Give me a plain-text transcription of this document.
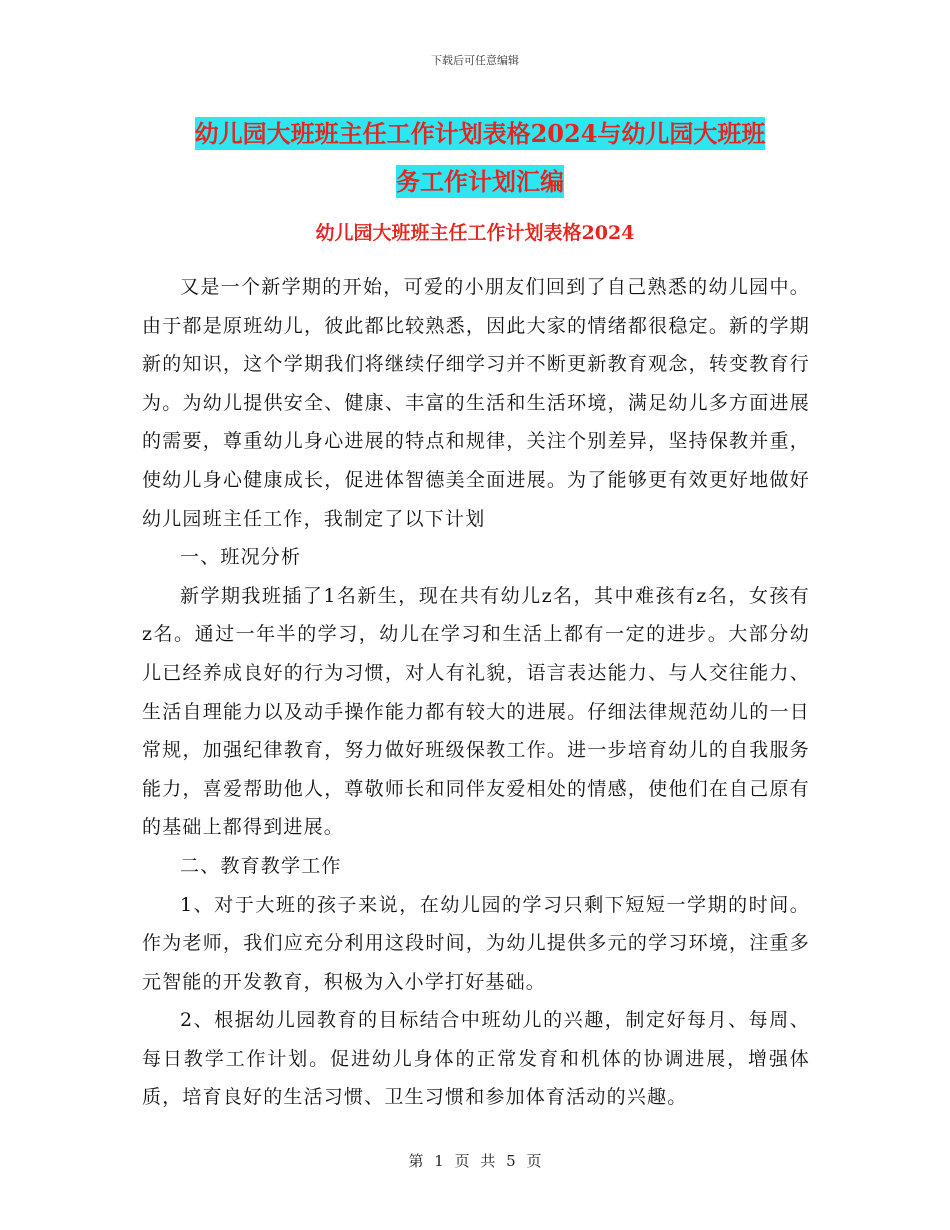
下载后可任意编辑
幼儿园大班班主任工作计划表格2024与幼儿园大班班
务工作计划汇编
幼儿园大班班主任工作计划表格2024

又是一个新学期的开始，可爱的小朋友们回到了自己熟悉的幼儿园中。由于都是原班幼儿，彼此都比较熟悉，因此大家的情绪都很稳定。新的学期新的知识，这个学期我们将继续仔细学习并不断更新教育观念，转变教育行为。为幼儿提供安全、健康、丰富的生活和生活环境，满足幼儿多方面进展的需要，尊重幼儿身心进展的特点和规律，关注个别差异，坚持保教并重，使幼儿身心健康成长，促进体智德美全面进展。为了能够更有效更好地做好幼儿园班主任工作，我制定了以下计划

一、班况分析

新学期我班插了1名新生，现在共有幼儿z名，其中难孩有z名，女孩有z名。通过一年半的学习，幼儿在学习和生活上都有一定的进步。大部分幼儿已经养成良好的行为习惯，对人有礼貌，语言表达能力、与人交往能力、生活自理能力以及动手操作能力都有较大的进展。仔细法律规范幼儿的一日常规，加强纪律教育，努力做好班级保教工作。进一步培育幼儿的自我服务能力，喜爱帮助他人，尊敬师长和同伴友爱相处的情感，使他们在自己原有的基础上都得到进展。

二、教育教学工作

1、对于大班的孩子来说，在幼儿园的学习只剩下短短一学期的时间。作为老师，我们应充分利用这段时间，为幼儿提供多元的学习环境，注重多元智能的开发教育，积极为入小学打好基础。

2、根据幼儿园教育的目标结合中班幼儿的兴趣，制定好每月、每周、每日教学工作计划。促进幼儿身体的正常发育和机体的协调进展，增强体质，培育良好的生活习惯、卫生习惯和参加体育活动的兴趣。

第 1 页 共 5 页
